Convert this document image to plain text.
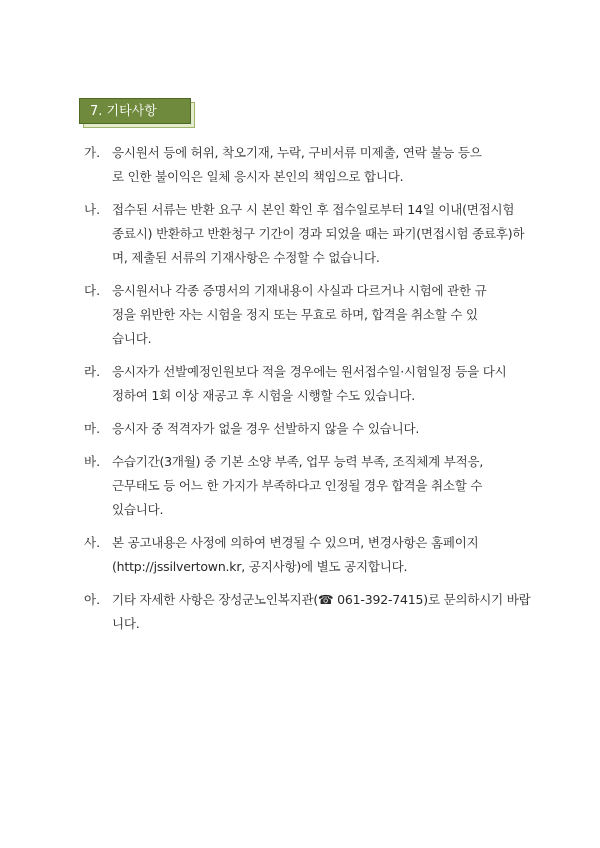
7. 기타사항
가. 응시원서 등에 허위, 착오기재, 누락, 구비서류 미제출, 연락 불능 등으
로 인한 불이익은 일체 응시자 본인의 책임으로 합니다.
나. 접수된 서류는 반환 요구 시 본인 확인 후 접수일로부터 14일 이내(면접시험
종료시) 반환하고 반환청구 기간이 경과 되었을 때는 파기(면접시험 종료후)하
며, 제출된 서류의 기재사항은 수정할 수 없습니다.
다. 응시원서나 각종 증명서의 기재내용이 사실과 다르거나 시험에 관한 규
정을 위반한 자는 시험을 정지 또는 무효로 하며, 합격을 취소할 수 있
습니다.
라. 응시자가 선발예정인원보다 적을 경우에는 원서접수일·시험일정 등을 다시
정하여 1회 이상 재공고 후 시험을 시행할 수도 있습니다.
마. 응시자 중 적격자가 없을 경우 선발하지 않을 수 있습니다.
바. 수습기간(3개월) 중 기본 소양 부족, 업무 능력 부족, 조직체계 부적응,
근무태도 등 어느 한 가지가 부족하다고 인정될 경우 합격을 취소할 수
있습니다.
사. 본 공고내용은 사정에 의하여 변경될 수 있으며, 변경사항은 홈페이지
(http://jssilvertown.kr, 공지사항)에 별도 공지합니다.
아. 기타 자세한 사항은 장성군노인복지관(☎ 061-392-7415)로 문의하시기 바랍
니다.
